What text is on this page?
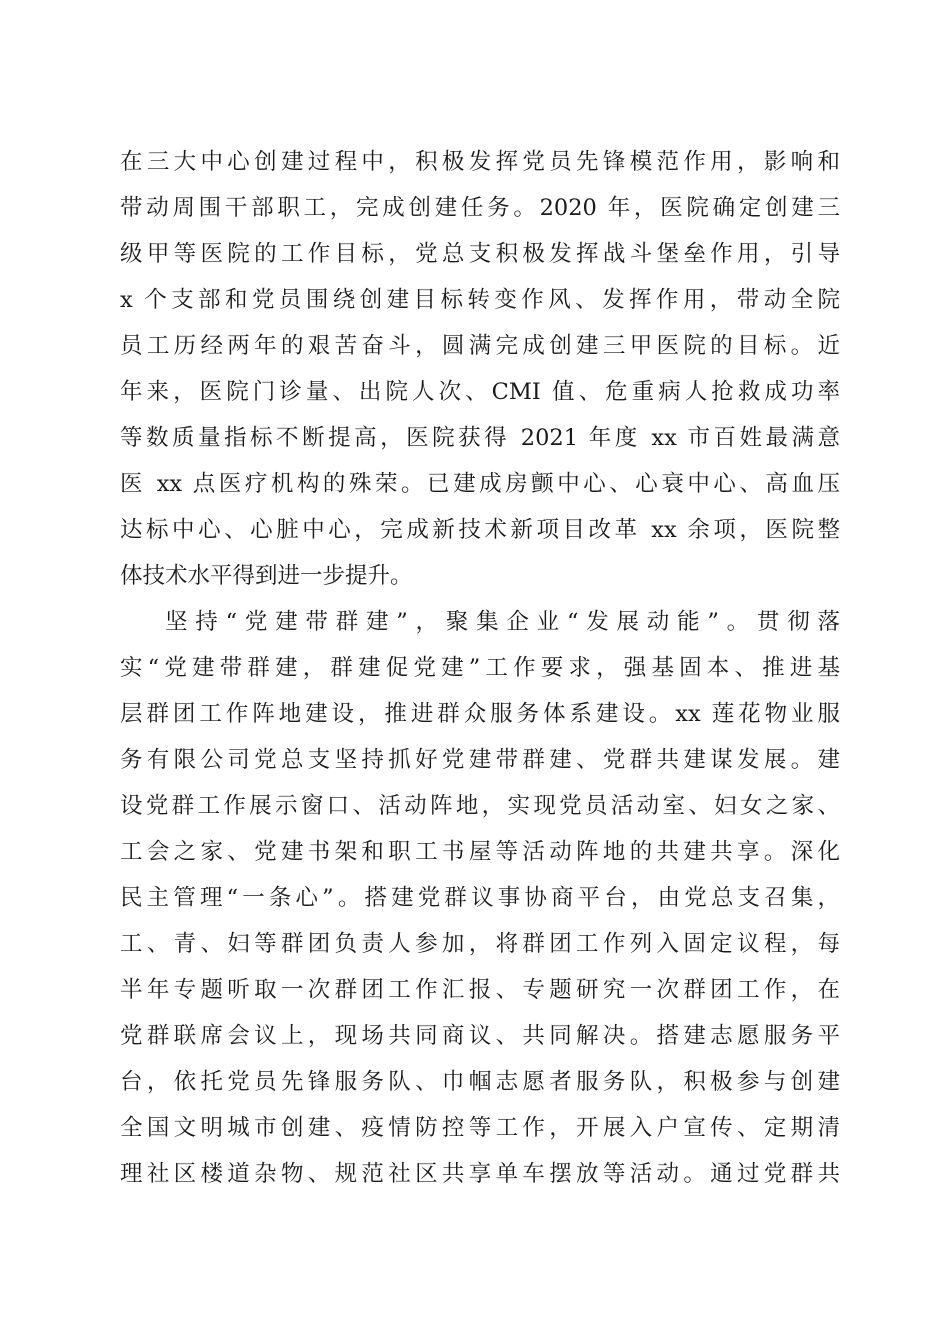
在三大中心创建过程中，积极发挥党员先锋模范作用，影响和
带动周围干部职工，完成创建任务。2020 年，医院确定创建三
级甲等医院的工作目标，党总支积极发挥战斗堡垒作用，引导
x 个支部和党员围绕创建目标转变作风、发挥作用，带动全院
员工历经两年的艰苦奋斗，圆满完成创建三甲医院的目标。近
年来，医院门诊量、出院人次、CMI 值、危重病人抢救成功率
等数质量指标不断提高，医院获得 2021 年度 xx 市百姓最满意
医 xx 点医疗机构的殊荣。已建成房颤中心、心衰中心、高血压
达标中心、心脏中心，完成新技术新项目改革 xx 余项，医院整
体技术水平得到进一步提升。
坚持“党建带群建”，聚集企业“发展动能”。贯彻落
实“党建带群建，群建促党建”工作要求，强基固本、推进基
层群团工作阵地建设，推进群众服务体系建设。xx 莲花物业服
务有限公司党总支坚持抓好党建带群建、党群共建谋发展。建
设党群工作展示窗口、活动阵地，实现党员活动室、妇女之家、
工会之家、党建书架和职工书屋等活动阵地的共建共享。深化
民主管理“一条心”。搭建党群议事协商平台，由党总支召集，
工、青、妇等群团负责人参加，将群团工作列入固定议程，每
半年专题听取一次群团工作汇报、专题研究一次群团工作，在
党群联席会议上，现场共同商议、共同解决。搭建志愿服务平
台，依托党员先锋服务队、巾帼志愿者服务队，积极参与创建
全国文明城市创建、疫情防控等工作，开展入户宣传、定期清
理社区楼道杂物、规范社区共享单车摆放等活动。通过党群共
